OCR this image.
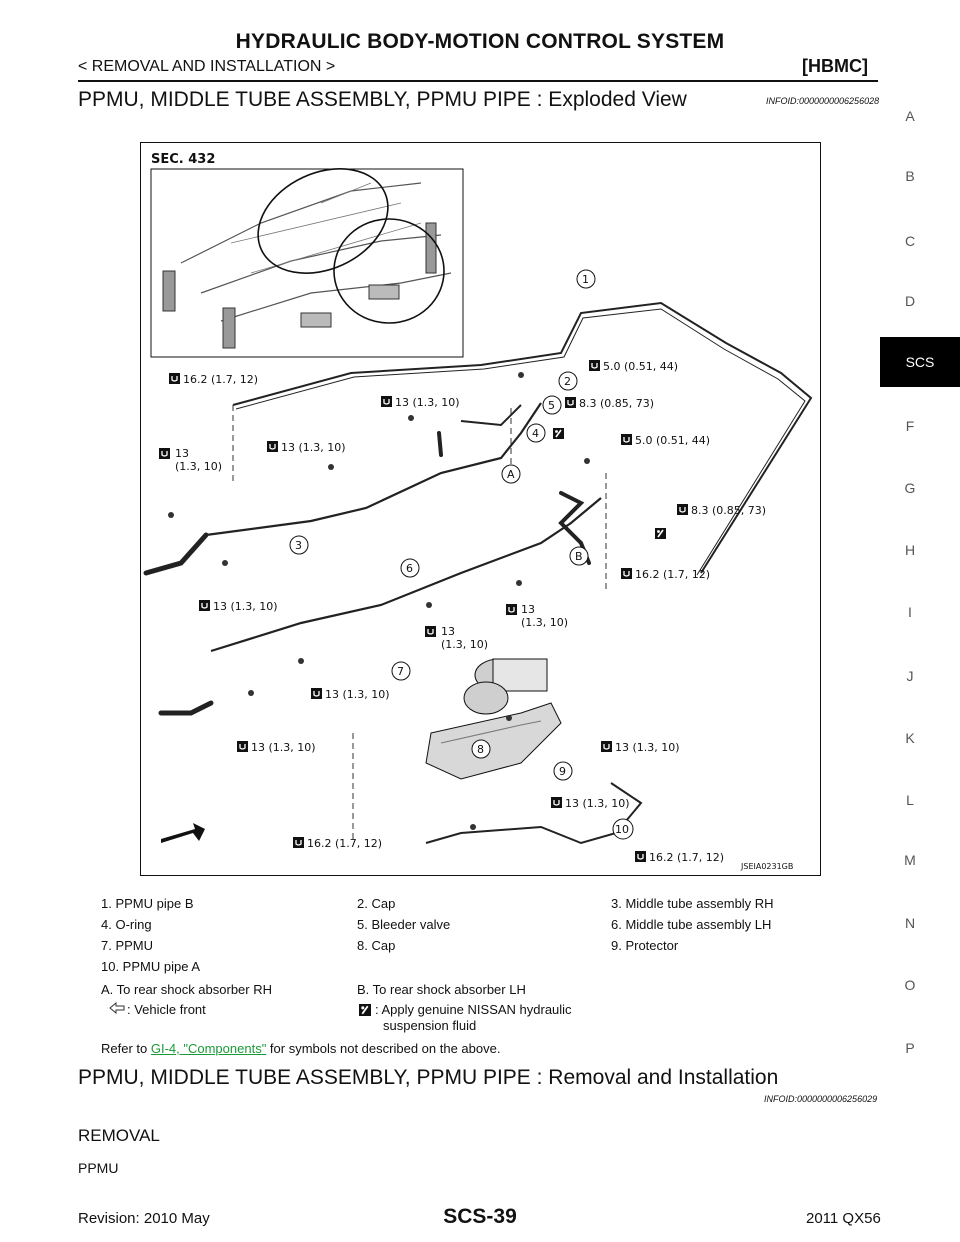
HYDRAULIC BODY-MOTION CONTROL SYSTEM
< REMOVAL AND INSTALLATION >	[HBMC]
PPMU, MIDDLE TUBE ASSEMBLY, PPMU PIPE : Exploded View	INFOID:0000000006256028
A
B
C
D
SCS
F
G
H
I
J
K
L
M
N
O
P
SEC. 432
1
2
3
4
5
6
7
8
9
10
A
B
16.2 (1.7, 12)
13 (1.3, 10)
13
(1.3, 10)
13 (1.3, 10)
5.0 (0.51, 44)
8.3 (0.85, 73)
5.0 (0.51, 44)
8.3 (0.85, 73)
16.2 (1.7, 12)
13 (1.3, 10)	13
(1.3, 10)
13
(1.3, 10)
13 (1.3, 10)
13 (1.3, 10)	13 (1.3, 10)
13 (1.3, 10)
16.2 (1.7, 12)
16.2 (1.7, 12)
JSEIA0231GB
1. PPMU pipe B	2. Cap	3. Middle tube assembly RH
4. O-ring	5. Bleeder valve	6. Middle tube assembly LH
7. PPMU	8. Cap	9. Protector
10. PPMU pipe A
A. To rear shock absorber RH	B. To rear shock absorber LH
: Vehicle front	: Apply genuine NISSAN hydraulic
suspension fluid
Refer to GI-4, "Components" for symbols not described on the above.
PPMU, MIDDLE TUBE ASSEMBLY, PPMU PIPE : Removal and Installation
INFOID:0000000006256029
REMOVAL
PPMU
Revision: 2010 May	SCS-39	2011 QX56
